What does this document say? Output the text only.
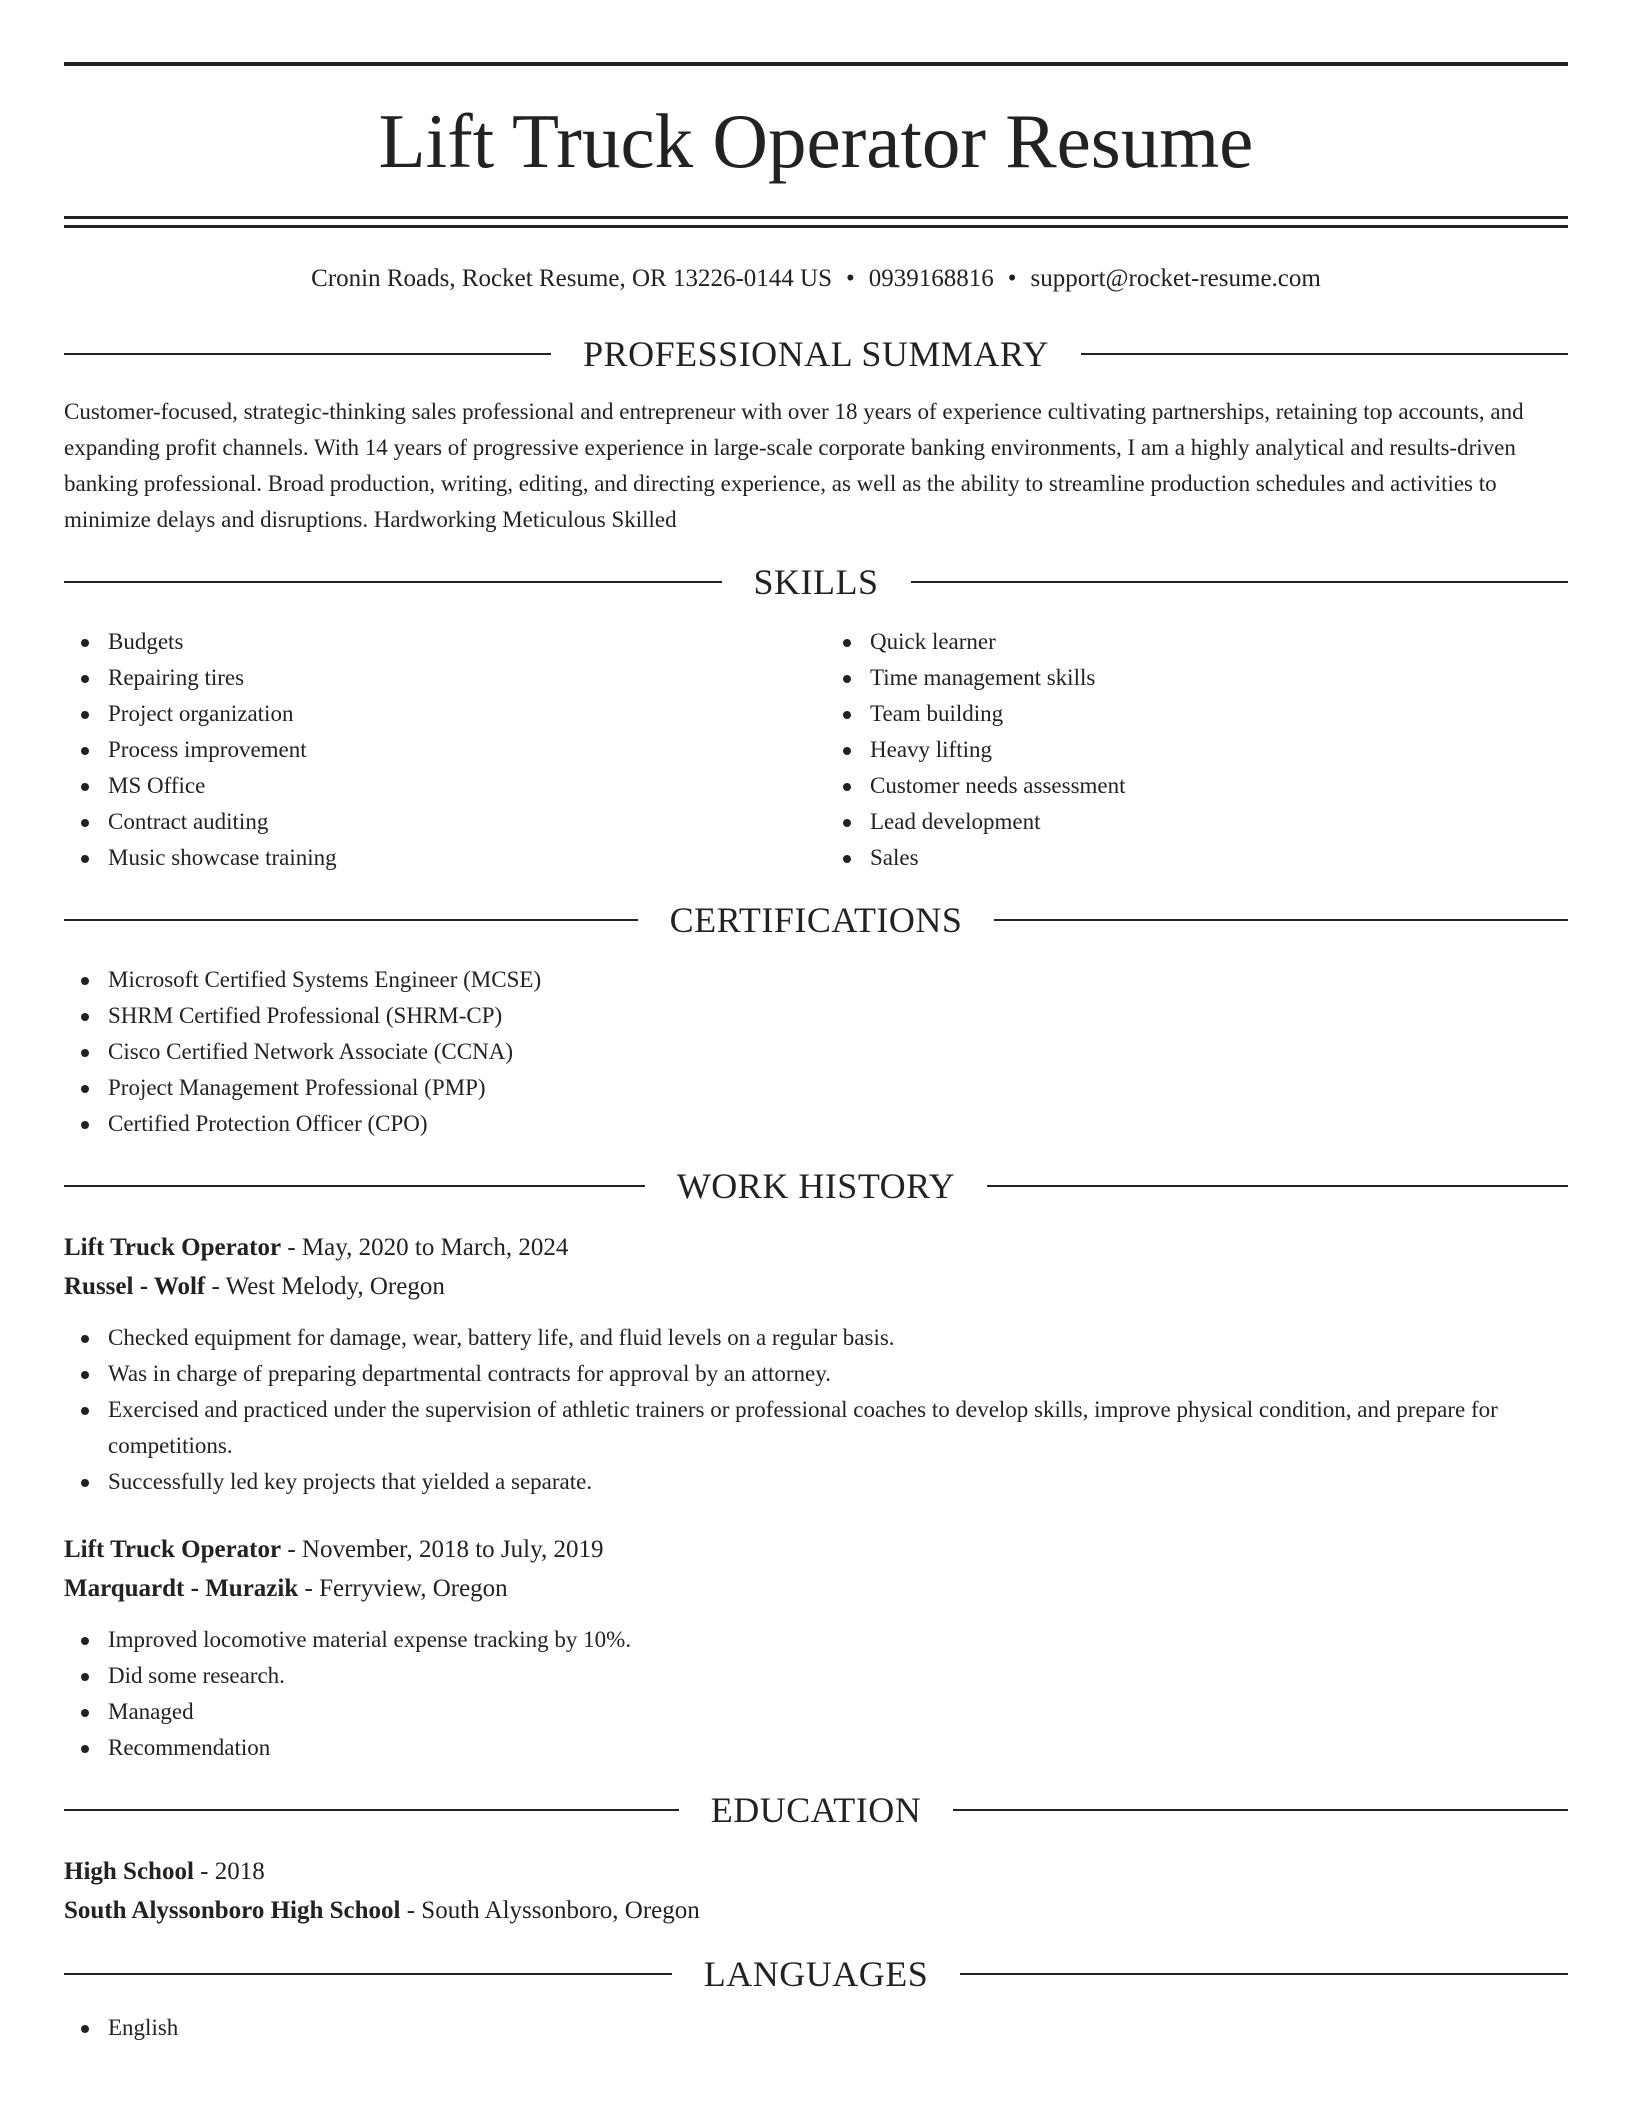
Lift Truck Operator Resume
Cronin Roads, Rocket Resume, OR 13226-0144 US • 0939168816 • support@rocket-resume.com
PROFESSIONAL SUMMARY

Customer-focused, strategic-thinking sales professional and entrepreneur with over 18 years of experience cultivating partnerships, retaining top accounts, and expanding profit channels. With 14 years of progressive experience in large-scale corporate banking environments, I am a highly analytical and results-driven banking professional. Broad production, writing, editing, and directing experience, as well as the ability to streamline production schedules and activities to minimize delays and disruptions. Hardworking Meticulous Skilled

SKILLS
Budgets
Repairing tires
Project organization
Process improvement
MS Office
Contract auditing
Music showcase training
Quick learner
Time management skills
Team building
Heavy lifting
Customer needs assessment
Lead development
Sales
CERTIFICATIONS
Microsoft Certified Systems Engineer (MCSE)
SHRM Certified Professional (SHRM-CP)
Cisco Certified Network Associate (CCNA)
Project Management Professional (PMP)
Certified Protection Officer (CPO)
WORK HISTORY
Lift Truck Operator - May, 2020 to March, 2024
Russel - Wolf - West Melody, Oregon
Checked equipment for damage, wear, battery life, and fluid levels on a regular basis.
Was in charge of preparing departmental contracts for approval by an attorney.
Exercised and practiced under the supervision of athletic trainers or professional coaches to develop skills, improve physical condition, and prepare for competitions.
Successfully led key projects that yielded a separate.
Lift Truck Operator - November, 2018 to July, 2019
Marquardt - Murazik - Ferryview, Oregon
Improved locomotive material expense tracking by 10%.
Did some research.
Managed
Recommendation
EDUCATION
High School - 2018
South Alyssonboro High School - South Alyssonboro, Oregon
LANGUAGES
English
